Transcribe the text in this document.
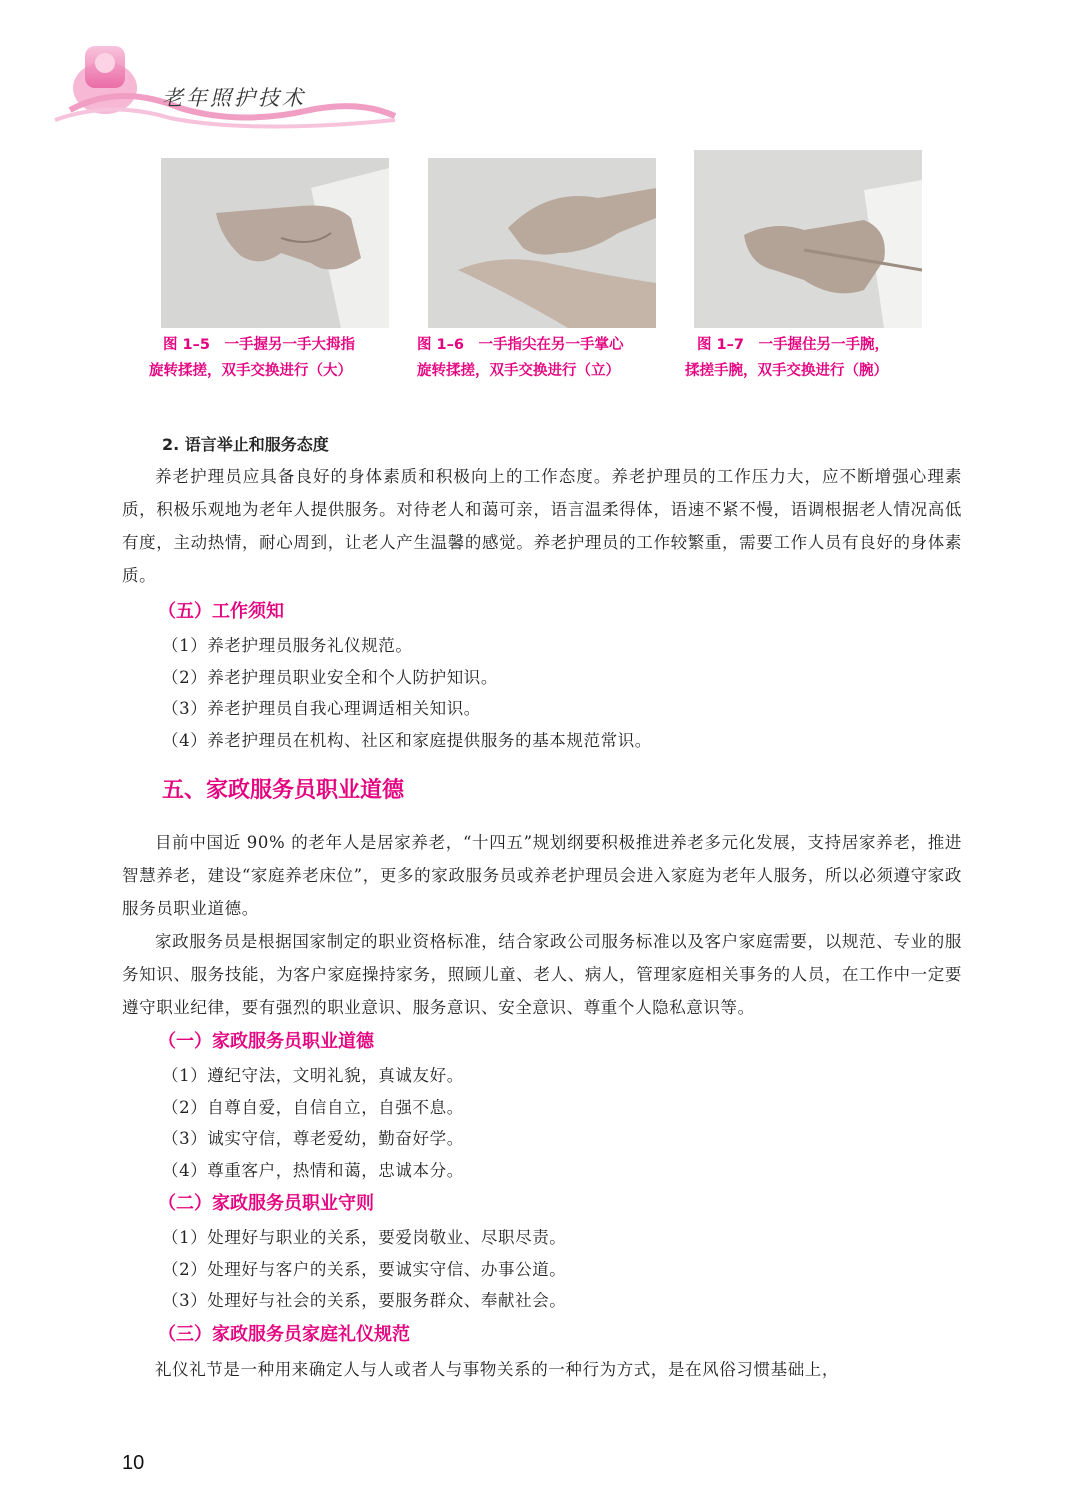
老年照护技术
图 1–5　一手握另一手大拇指
旋转揉搓，双手交换进行（大）
图 1–6　一手指尖在另一手掌心
旋转揉搓，双手交换进行（立）
图 1–7　一手握住另一手腕，
揉搓手腕，双手交换进行（腕）

2. 语言举止和服务态度

养老护理员应具备良好的身体素质和积极向上的工作态度。养老护理员的工作压力大，应不断增强心理素质，积极乐观地为老年人提供服务。对待老人和蔼可亲，语言温柔得体，语速不紧不慢，语调根据老人情况高低有度，主动热情，耐心周到，让老人产生温馨的感觉。养老护理员的工作较繁重，需要工作人员有良好的身体素质。

（五）工作须知

（1）养老护理员服务礼仪规范。

（2）养老护理员职业安全和个人防护知识。

（3）养老护理员自我心理调适相关知识。

（4）养老护理员在机构、社区和家庭提供服务的基本规范常识。

五、家政服务员职业道德

目前中国近 90% 的老年人是居家养老，“十四五”规划纲要积极推进养老多元化发展，支持居家养老，推进智慧养老，建设“家庭养老床位”，更多的家政服务员或养老护理员会进入家庭为老年人服务，所以必须遵守家政服务员职业道德。

家政服务员是根据国家制定的职业资格标准，结合家政公司服务标准以及客户家庭需要，以规范、专业的服务知识、服务技能，为客户家庭操持家务，照顾儿童、老人、病人，管理家庭相关事务的人员，在工作中一定要遵守职业纪律，要有强烈的职业意识、服务意识、安全意识、尊重个人隐私意识等。

（一）家政服务员职业道德

（1）遵纪守法，文明礼貌，真诚友好。

（2）自尊自爱，自信自立，自强不息。

（3）诚实守信，尊老爱幼，勤奋好学。

（4）尊重客户，热情和蔼，忠诚本分。

（二）家政服务员职业守则

（1）处理好与职业的关系，要爱岗敬业、尽职尽责。

（2）处理好与客户的关系，要诚实守信、办事公道。

（3）处理好与社会的关系，要服务群众、奉献社会。

（三）家政服务员家庭礼仪规范

礼仪礼节是一种用来确定人与人或者人与事物关系的一种行为方式，是在风俗习惯基础上，

10
